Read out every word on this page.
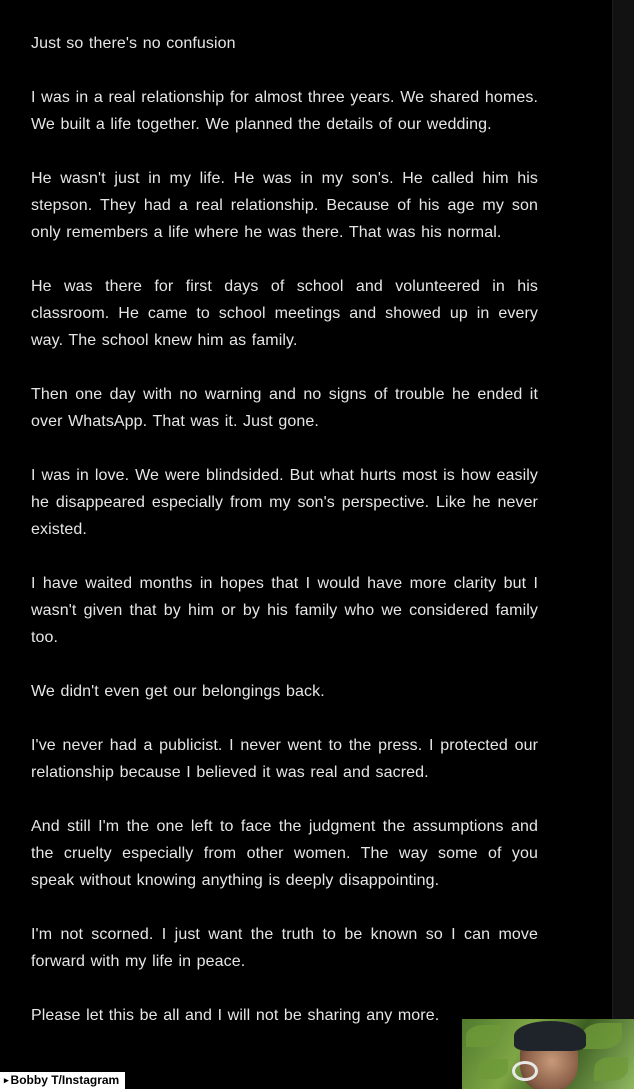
Just so there's no confusion

I was in a real relationship for almost three years. We shared homes. We built a life together. We planned the details of our wedding.

He wasn't just in my life. He was in my son's. He called him his stepson. They had a real relationship. Because of his age my son only remembers a life where he was there. That was his normal.

He was there for first days of school and volunteered in his classroom. He came to school meetings and showed up in every way. The school knew him as family.

Then one day with no warning and no signs of trouble he ended it over WhatsApp. That was it. Just gone.

I was in love. We were blindsided. But what hurts most is how easily he disappeared especially from my son's perspective. Like he never existed.

I have waited months in hopes that I would have more clarity but I wasn't given that by him or by his family who we considered family too.

We didn't even get our belongings back.

I've never had a publicist. I never went to the press. I protected our relationship because I believed it was real and sacred.

And still I'm the one left to face the judgment the assumptions and the cruelty especially from other women. The way some of you speak without knowing anything is deeply disappointing.

I'm not scorned. I just want the truth to be known so I can move forward with my life in peace.

Please let this be all and I will not be sharing any more.

▸ Bobby T/Instagram
